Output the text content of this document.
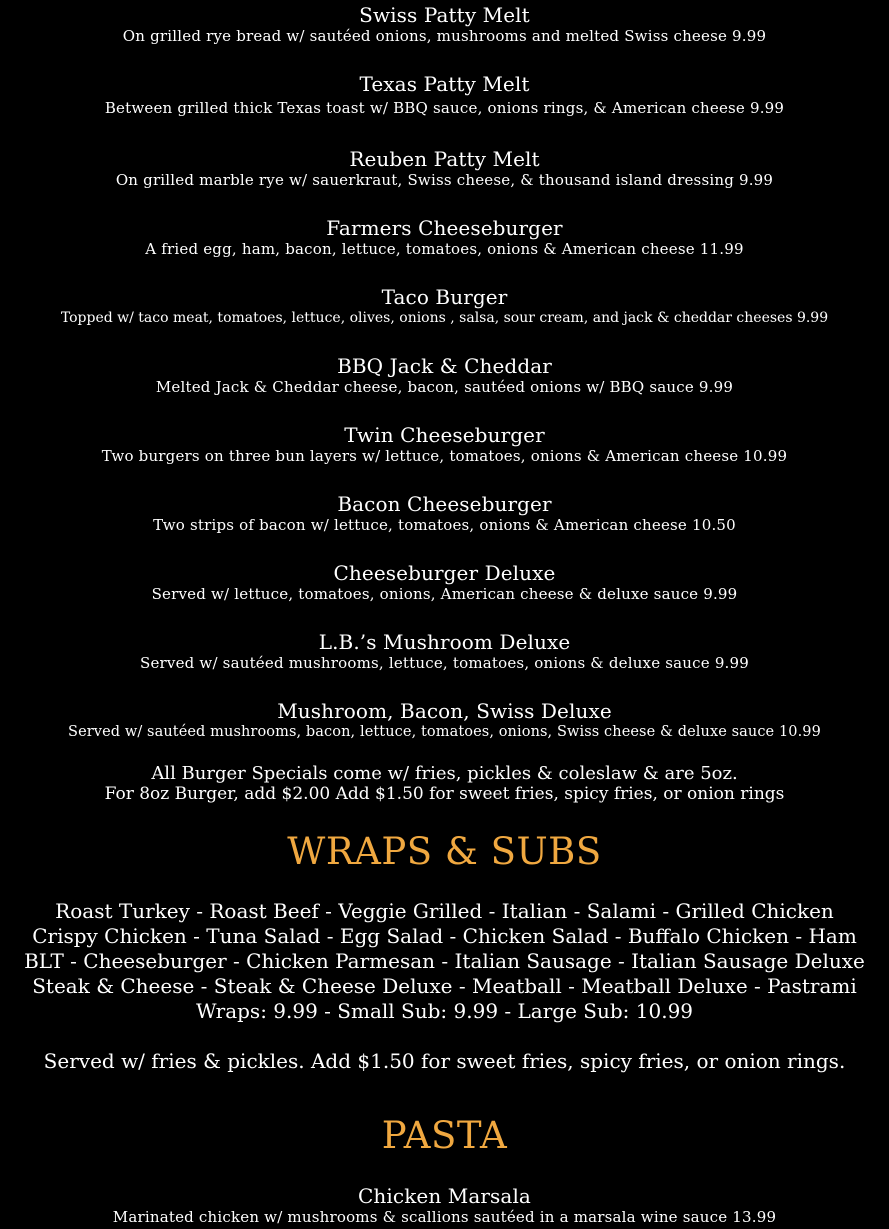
Swiss Patty Melt
On grilled rye bread w/ sautéed onions, mushrooms and melted Swiss cheese 9.99
Texas Patty Melt
Between grilled thick Texas toast w/ BBQ sauce, onions rings, & American cheese 9.99
Reuben Patty Melt
On grilled marble rye w/ sauerkraut, Swiss cheese, & thousand island dressing 9.99
Farmers Cheeseburger
A fried egg, ham, bacon, lettuce, tomatoes, onions & American cheese 11.99
Taco Burger
Topped w/ taco meat, tomatoes, lettuce, olives, onions , salsa, sour cream, and jack & cheddar cheeses 9.99
BBQ Jack & Cheddar
Melted Jack & Cheddar cheese, bacon, sautéed onions w/ BBQ sauce 9.99
Twin Cheeseburger
Two burgers on three bun layers w/ lettuce, tomatoes, onions & American cheese 10.99
Bacon Cheeseburger
Two strips of bacon w/ lettuce, tomatoes, onions & American cheese 10.50
Cheeseburger Deluxe
Served w/ lettuce, tomatoes, onions, American cheese & deluxe sauce 9.99
L.B.’s Mushroom Deluxe
Served w/ sautéed mushrooms, lettuce, tomatoes, onions & deluxe sauce 9.99
Mushroom, Bacon, Swiss Deluxe
Served w/ sautéed mushrooms, bacon, lettuce, tomatoes, onions, Swiss cheese & deluxe sauce 10.99
All Burger Specials come w/ fries, pickles & coleslaw & are 5oz.
For 8oz Burger, add $2.00 Add $1.50 for sweet fries, spicy fries, or onion rings
WRAPS & SUBS
Roast Turkey - Roast Beef - Veggie Grilled - Italian - Salami - Grilled Chicken
Crispy Chicken - Tuna Salad - Egg Salad - Chicken Salad - Buffalo Chicken - Ham
BLT - Cheeseburger - Chicken Parmesan - Italian Sausage - Italian Sausage Deluxe
Steak & Cheese - Steak & Cheese Deluxe - Meatball - Meatball Deluxe - Pastrami
Wraps: 9.99 - Small Sub: 9.99 - Large Sub: 10.99
Served w/ fries & pickles. Add $1.50 for sweet fries, spicy fries, or onion rings.
PASTA
Chicken Marsala
Marinated chicken w/ mushrooms & scallions sautéed in a marsala wine sauce 13.99
